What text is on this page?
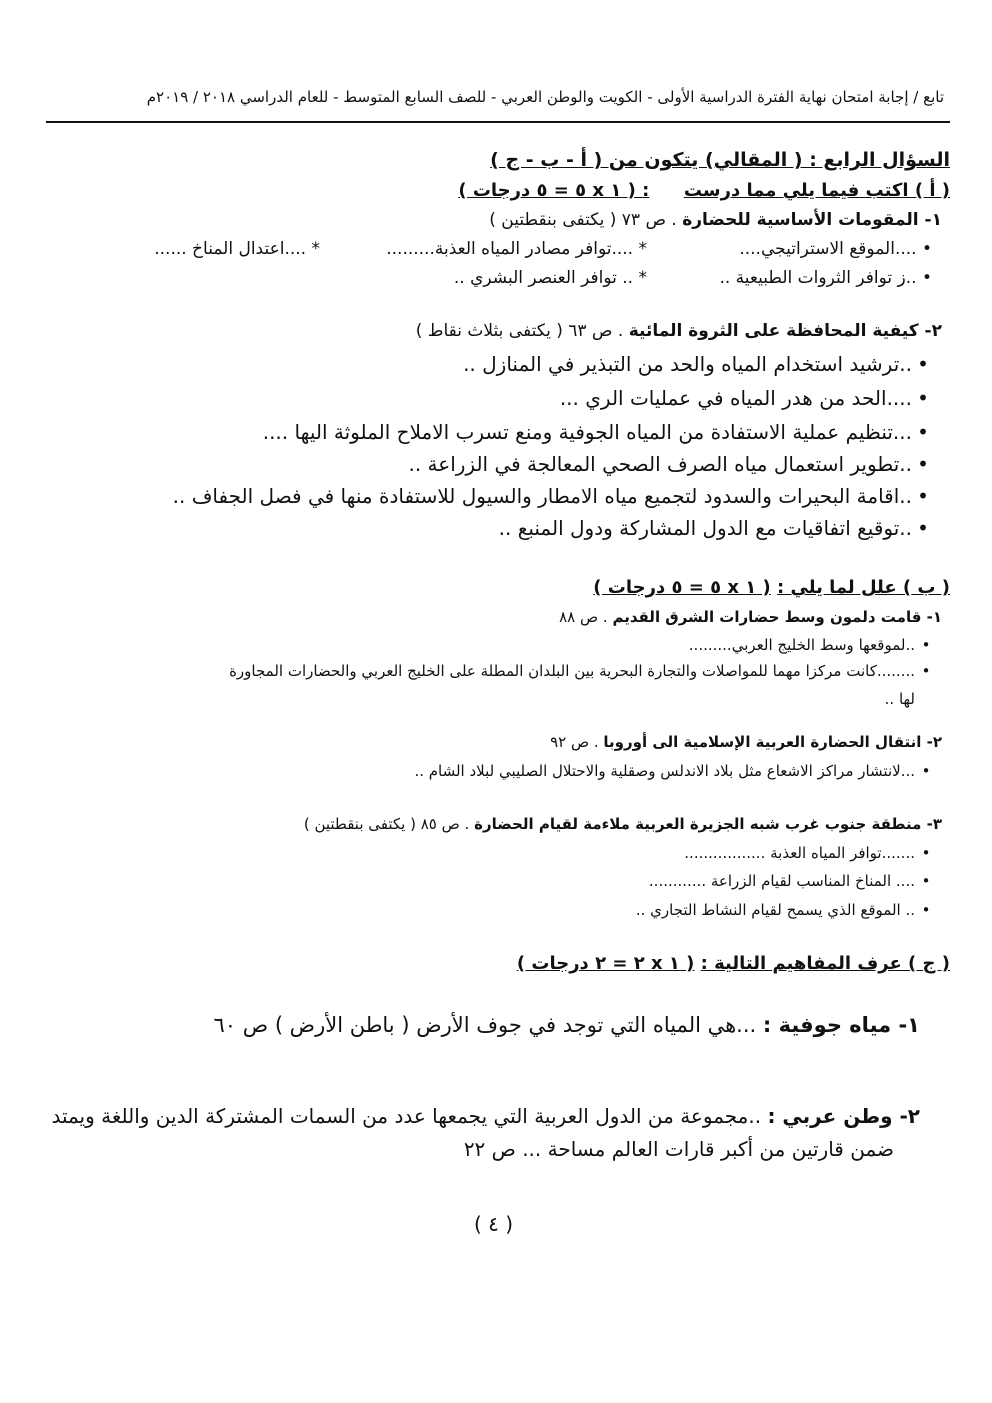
تابع / إجابة امتحان نهاية الفترة الدراسية الأولى - الكويت والوطن العربي - للصف السابع المتوسط - للعام الدراسي ٢٠١٨ / ٢٠١٩م
السؤال الرابع : ( المقالي) يتكون من ( أ - ب - ج )
( أ ) اكتب فيما يلي مما درست  : ( ١ x ٥ = ٥ درجات )
١- المقومات الأساسية للحضارة . ص ٧٣ ( يكتفى بنقطتين )
• ....الموقع الاستراتيجي....
* ....توافر مصادر المياه العذبة.........
* ....اعتدال المناخ ......
• ..ز توافر الثروات الطبيعية ..
* .. توافر العنصر البشري ..
٢- كيفية المحافظة على الثروة المائية . ص ٦٣ ( يكتفى بثلاث نقاط )
• ..ترشيد استخدام المياه والحد من التبذير في المنازل ..
• ....الحد من هدر المياه في عمليات الري ...
• ...تنظيم عملية الاستفادة من المياه الجوفية ومنع تسرب الاملاح الملوثة اليها ....
• ..تطوير استعمال مياه الصرف الصحي المعالجة في الزراعة ..
• ..اقامة البحيرات والسدود لتجميع مياه الامطار والسيول للاستفادة منها في فصل الجفاف ..
• ..توقيع اتفاقيات مع الدول المشاركة ودول المنبع ..
( ب ) علل لما يلي : ( ١ x ٥ = ٥ درجات )
١- قامت دلمون وسط حضارات الشرق القديم . ص ٨٨
• ..لموقعها وسط الخليج العربي.........
• ........كانت مركزا مهما للمواصلات والتجارة البحرية بين البلدان المطلة على الخليج العربي والحضارات المجاورة
لها ..
٢- انتقال الحضارة العربية الإسلامية الى أوروبا . ص ٩٢
• ...لانتشار مراكز الاشعاع مثل بلاد الاندلس وصقلية والاحتلال الصليبي لبلاد الشام ..
٣- منطقة جنوب غرب شبه الجزيرة العربية ملاءمة لقيام الحضارة . ص ٨٥ ( يكتفى بنقطتين )
• .......توافر المياه العذبة .................
• .... المناخ المناسب لقيام الزراعة ............
• .. الموقع الذي يسمح لقيام النشاط التجاري ..
( ج ) عرف المفاهيم التالية : ( ١ x ٢ = ٢ درجات )
١- مياه جوفية : ...هي المياه التي توجد في جوف الأرض ( باطن الأرض ) ص ٦٠
٢- وطن عربي : ..مجموعة من الدول العربية التي يجمعها عدد من السمات المشتركة الدين واللغة ويمتد
ضمن قارتين من أكبر قارات العالم مساحة ... ص ٢٢
( ٤ )
